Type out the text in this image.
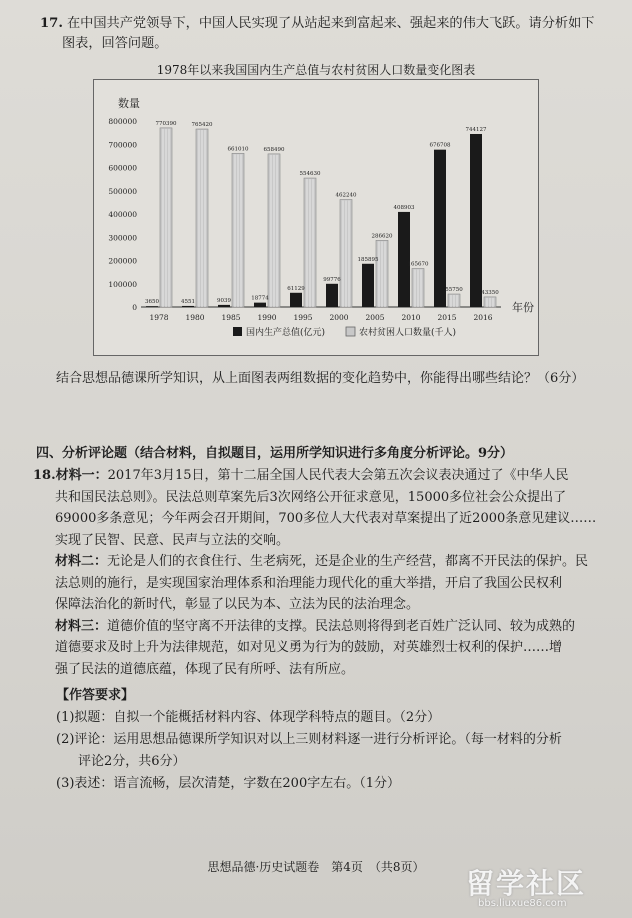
17. 在中国共产党领导下，中国人民实现了从站起来到富起来、强起来的伟大飞跃。请分析如下
图表，回答问题。
1978年以来我国国内生产总值与农村贫困人口数量变化图表
数量
0
100000
200000
300000
400000
500000
600000
700000
800000
年份
3650
770390
1978
4551
765420
1980
9039
661010
1985
18774
658490
1990
61129
554630
1995
99776
462240
2000
185895
286620
2005
408903
165670
2010
676708
55750
2015
744127
43350
2016
国内生产总值(亿元)	农村贫困人口数量(千人)
结合思想品德课所学知识，从上面图表两组数据的变化趋势中，你能得出哪些结论？（6分）
四、分析评论题（结合材料，自拟题目，运用所学知识进行多角度分析评论。9分）

18.材料一：2017年3月15日，第十二届全国人民代表大会第五次会议表决通过了《中华人民

共和国民法总则》。民法总则草案先后3次网络公开征求意见，15000多位社会公众提出了

69000多条意见；今年两会召开期间，700多位人大代表对草案提出了近2000条意见建议……

实现了民智、民意、民声与立法的交响。

材料二：无论是人们的衣食住行、生老病死，还是企业的生产经营，都离不开民法的保护。民

法总则的施行，是实现国家治理体系和治理能力现代化的重大举措，开启了我国公民权利

保障法治化的新时代，彰显了以民为本、立法为民的法治理念。

材料三：道德价值的坚守离不开法律的支撑。民法总则将得到老百姓广泛认同、较为成熟的

道德要求及时上升为法律规范，如对见义勇为行为的鼓励，对英雄烈士权利的保护……增

强了民法的道德底蕴，体现了民有所呼、法有所应。

【作答要求】

(1)拟题：自拟一个能概括材料内容、体现学科特点的题目。（2分）

(2)评论：运用思想品德课所学知识对以上三则材料逐一进行分析评论。（每一材料的分析

评论2分，共6分）

(3)表述：语言流畅，层次清楚，字数在200字左右。（1分）

思想品德·历史试题卷　第4页　（共8页）	留学社区
bbs.liuxue86.com
